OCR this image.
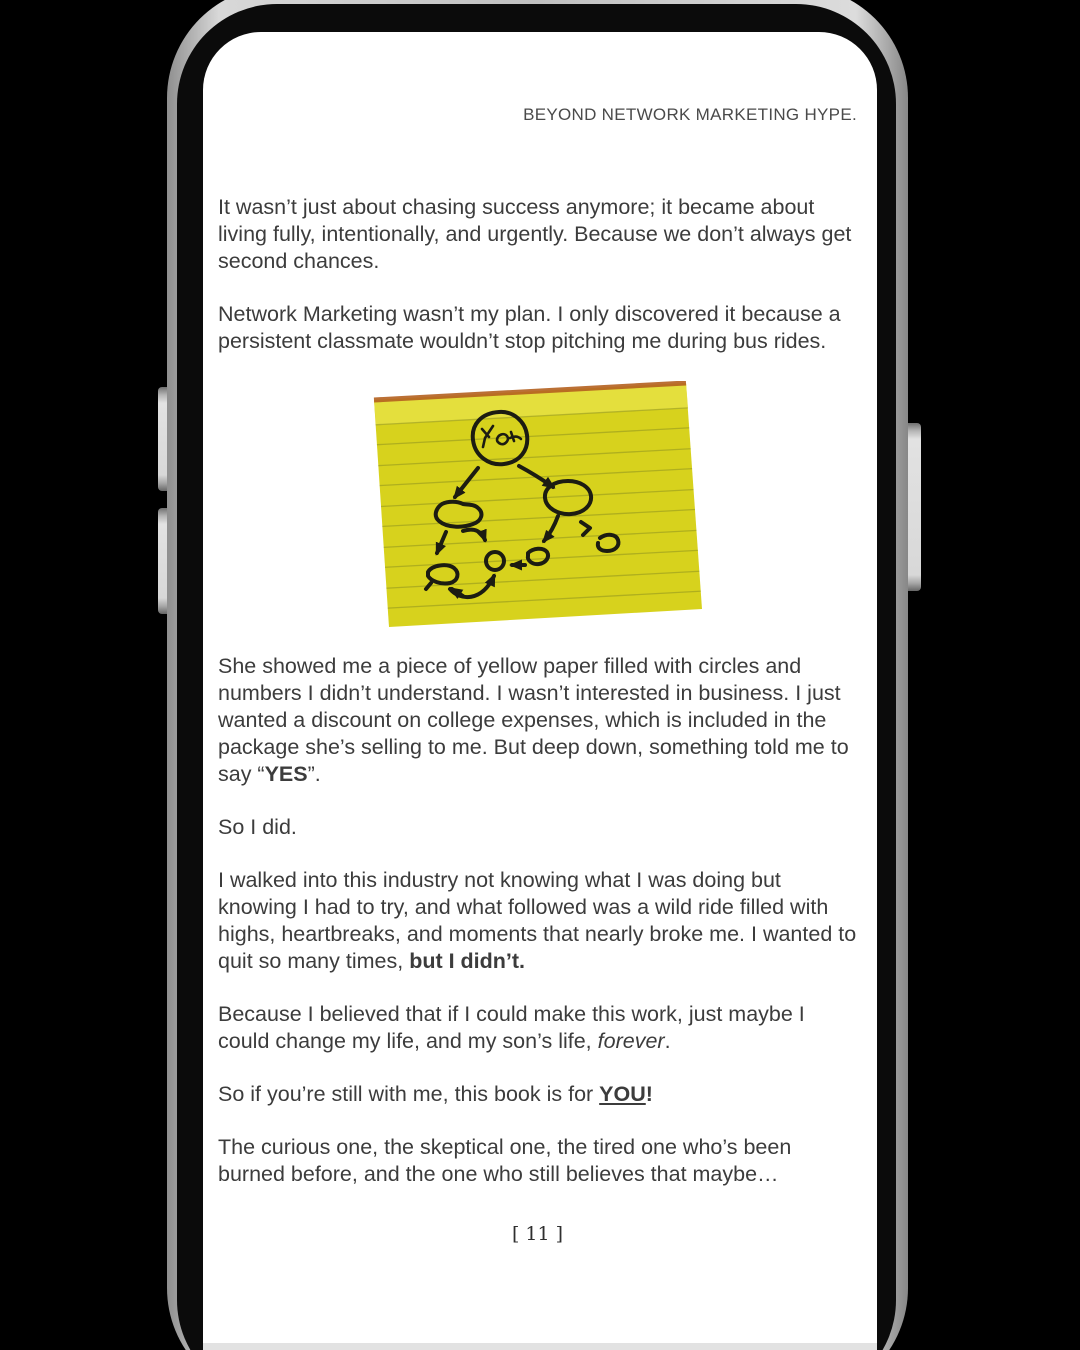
BEYOND NETWORK MARKETING HYPE.

It wasn’t just about chasing success anymore; it became about living fully, intentionally, and urgently. Because we don’t always get second chances.

Network Marketing wasn’t my plan. I only discovered it because a persistent classmate wouldn’t stop pitching me during bus rides.

She showed me a piece of yellow paper filled with circles and numbers I didn’t understand. I wasn’t interested in business. I just wanted a discount on college expenses, which is included in the package she’s selling to me. But deep down, something told me to say “YES”.

So I did.

I walked into this industry not knowing what I was doing but knowing I had to try, and what followed was a wild ride filled with highs, heartbreaks, and moments that nearly broke me. I wanted to quit so many times, but I didn’t.

Because I believed that if I could make this work, just maybe I could change my life, and my son’s life, forever.

So if you’re still with me, this book is for YOU!

The curious one, the skeptical one, the tired one who’s been burned before, and the one who still believes that maybe…

[ 11 ]
